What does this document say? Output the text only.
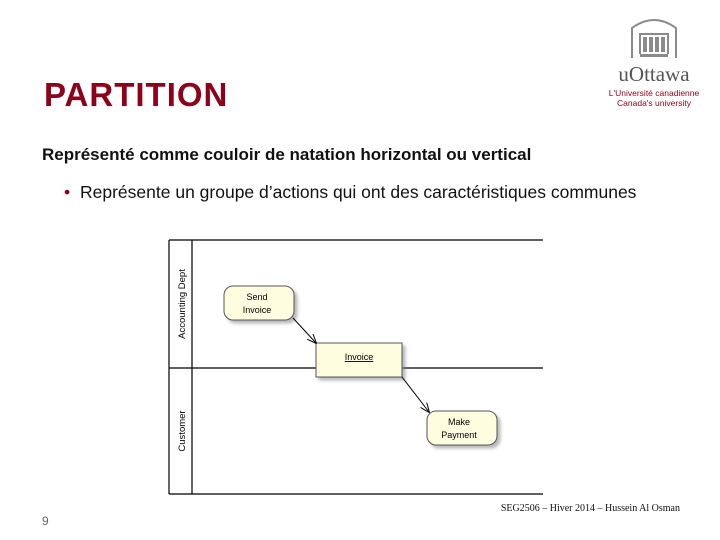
PARTITION
uOttawa
L'Université canadienne
Canada's university
Représenté comme couloir de natation horizontal ou vertical
• Représente un groupe d’actions qui ont des caractéristiques communes
Accounting Dept
Customer
Send
Invoice
Invoice
Make
Payment
9
SEG2506 – Hiver 2014 – Hussein Al Osman
